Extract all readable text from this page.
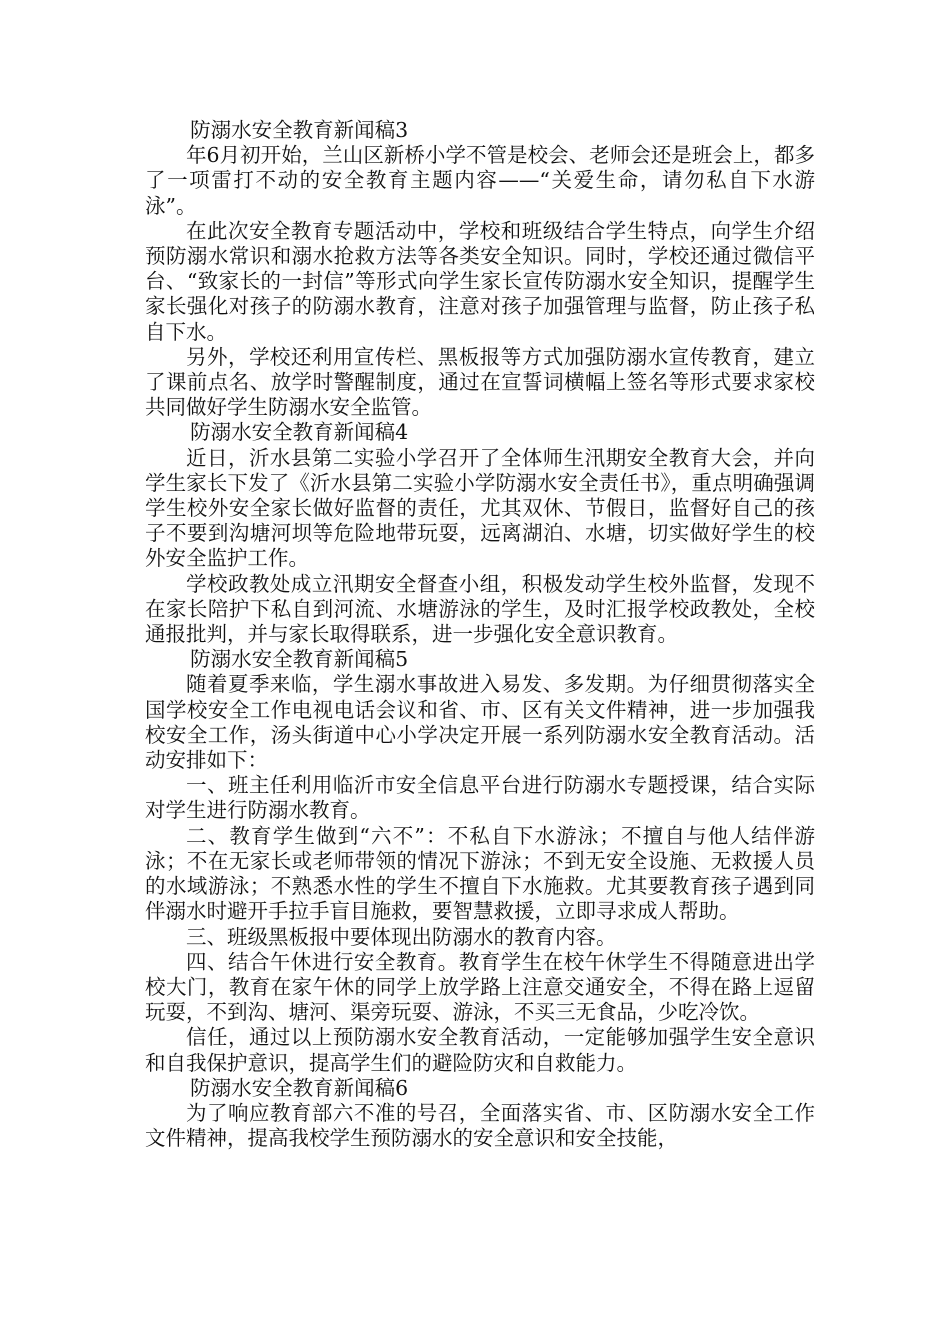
防溺水安全教育新闻稿3

年6月初开始，兰山区新桥小学不管是校会、老师会还是班会上，都多了一项雷打不动的安全教育主题内容——“关爱生命，请勿私自下水游泳”。

在此次安全教育专题活动中，学校和班级结合学生特点，向学生介绍预防溺水常识和溺水抢救方法等各类安全知识。同时，学校还通过微信平台、“致家长的一封信”等形式向学生家长宣传防溺水安全知识，提醒学生家长强化对孩子的防溺水教育，注意对孩子加强管理与监督，防止孩子私自下水。

另外，学校还利用宣传栏、黑板报等方式加强防溺水宣传教育，建立了课前点名、放学时警醒制度，通过在宣誓词横幅上签名等形式要求家校共同做好学生防溺水安全监管。

防溺水安全教育新闻稿4

近日，沂水县第二实验小学召开了全体师生汛期安全教育大会，并向学生家长下发了《沂水县第二实验小学防溺水安全责任书》，重点明确强调学生校外安全家长做好监督的责任，尤其双休、节假日，监督好自己的孩子不要到沟塘河坝等危险地带玩耍，远离湖泊、水塘，切实做好学生的校外安全监护工作。

学校政教处成立汛期安全督查小组，积极发动学生校外监督，发现不在家长陪护下私自到河流、水塘游泳的学生，及时汇报学校政教处，全校通报批判，并与家长取得联系，进一步强化安全意识教育。

防溺水安全教育新闻稿5

随着夏季来临，学生溺水事故进入易发、多发期。为仔细贯彻落实全国学校安全工作电视电话会议和省、市、区有关文件精神，进一步加强我校安全工作，汤头街道中心小学决定开展一系列防溺水安全教育活动。活动安排如下：

一、班主任利用临沂市安全信息平台进行防溺水专题授课，结合实际对学生进行防溺水教育。

二、教育学生做到“六不”：不私自下水游泳；不擅自与他人结伴游泳；不在无家长或老师带领的情况下游泳；不到无安全设施、无救援人员的水域游泳；不熟悉水性的学生不擅自下水施救。尤其要教育孩子遇到同伴溺水时避开手拉手盲目施救，要智慧救援，立即寻求成人帮助。

三、班级黑板报中要体现出防溺水的教育内容。

四、结合午休进行安全教育。教育学生在校午休学生不得随意进出学校大门，教育在家午休的同学上放学路上注意交通安全，不得在路上逗留玩耍，不到沟、塘河、渠旁玩耍、游泳，不买三无食品，少吃冷饮。

信任，通过以上预防溺水安全教育活动，一定能够加强学生安全意识和自我保护意识，提高学生们的避险防灾和自救能力。

防溺水安全教育新闻稿6

为了响应教育部六不准的号召，全面落实省、市、区防溺水安全工作文件精神，提高我校学生预防溺水的安全意识和安全技能，
